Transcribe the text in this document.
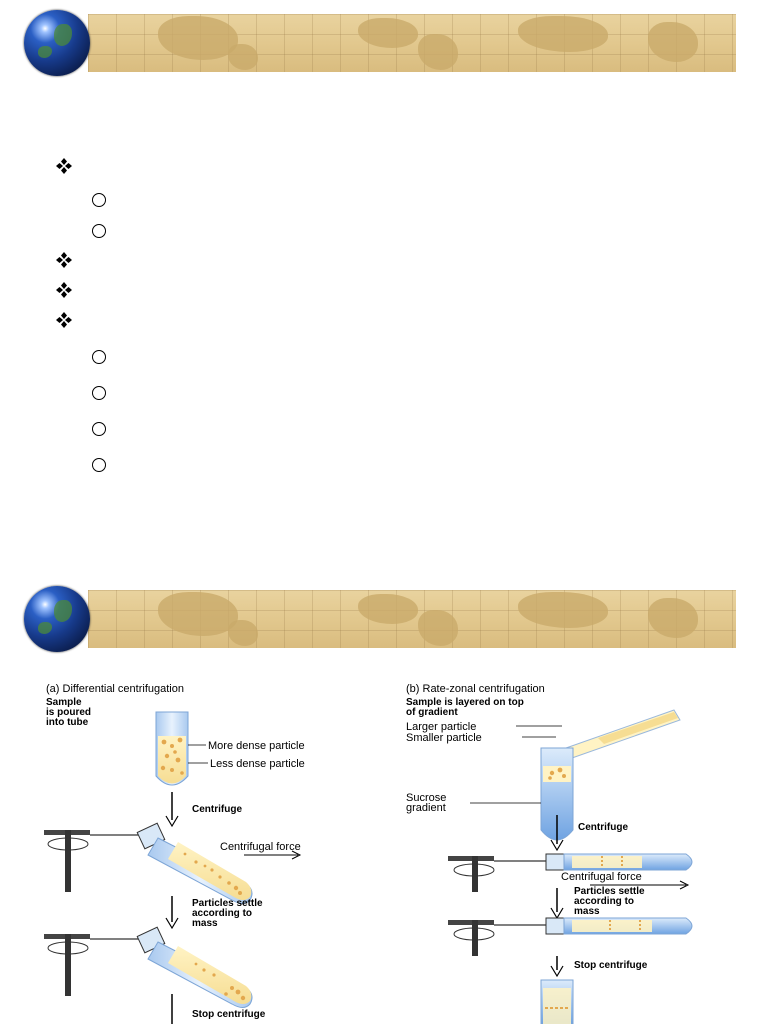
(a) Differential centrifugation
Sample
is poured
into tube
More dense particle
Less dense particle
Centrifuge
Centrifugal force
Particles settle
according to
mass
Stop centrifuge
(b) Rate-zonal centrifugation
Sample is layered on top
of gradient
Larger particle
Smaller particle
Sucrose
gradient
Centrifuge
Centrifugal force
Particles settle
according to
mass
Stop centrifuge
